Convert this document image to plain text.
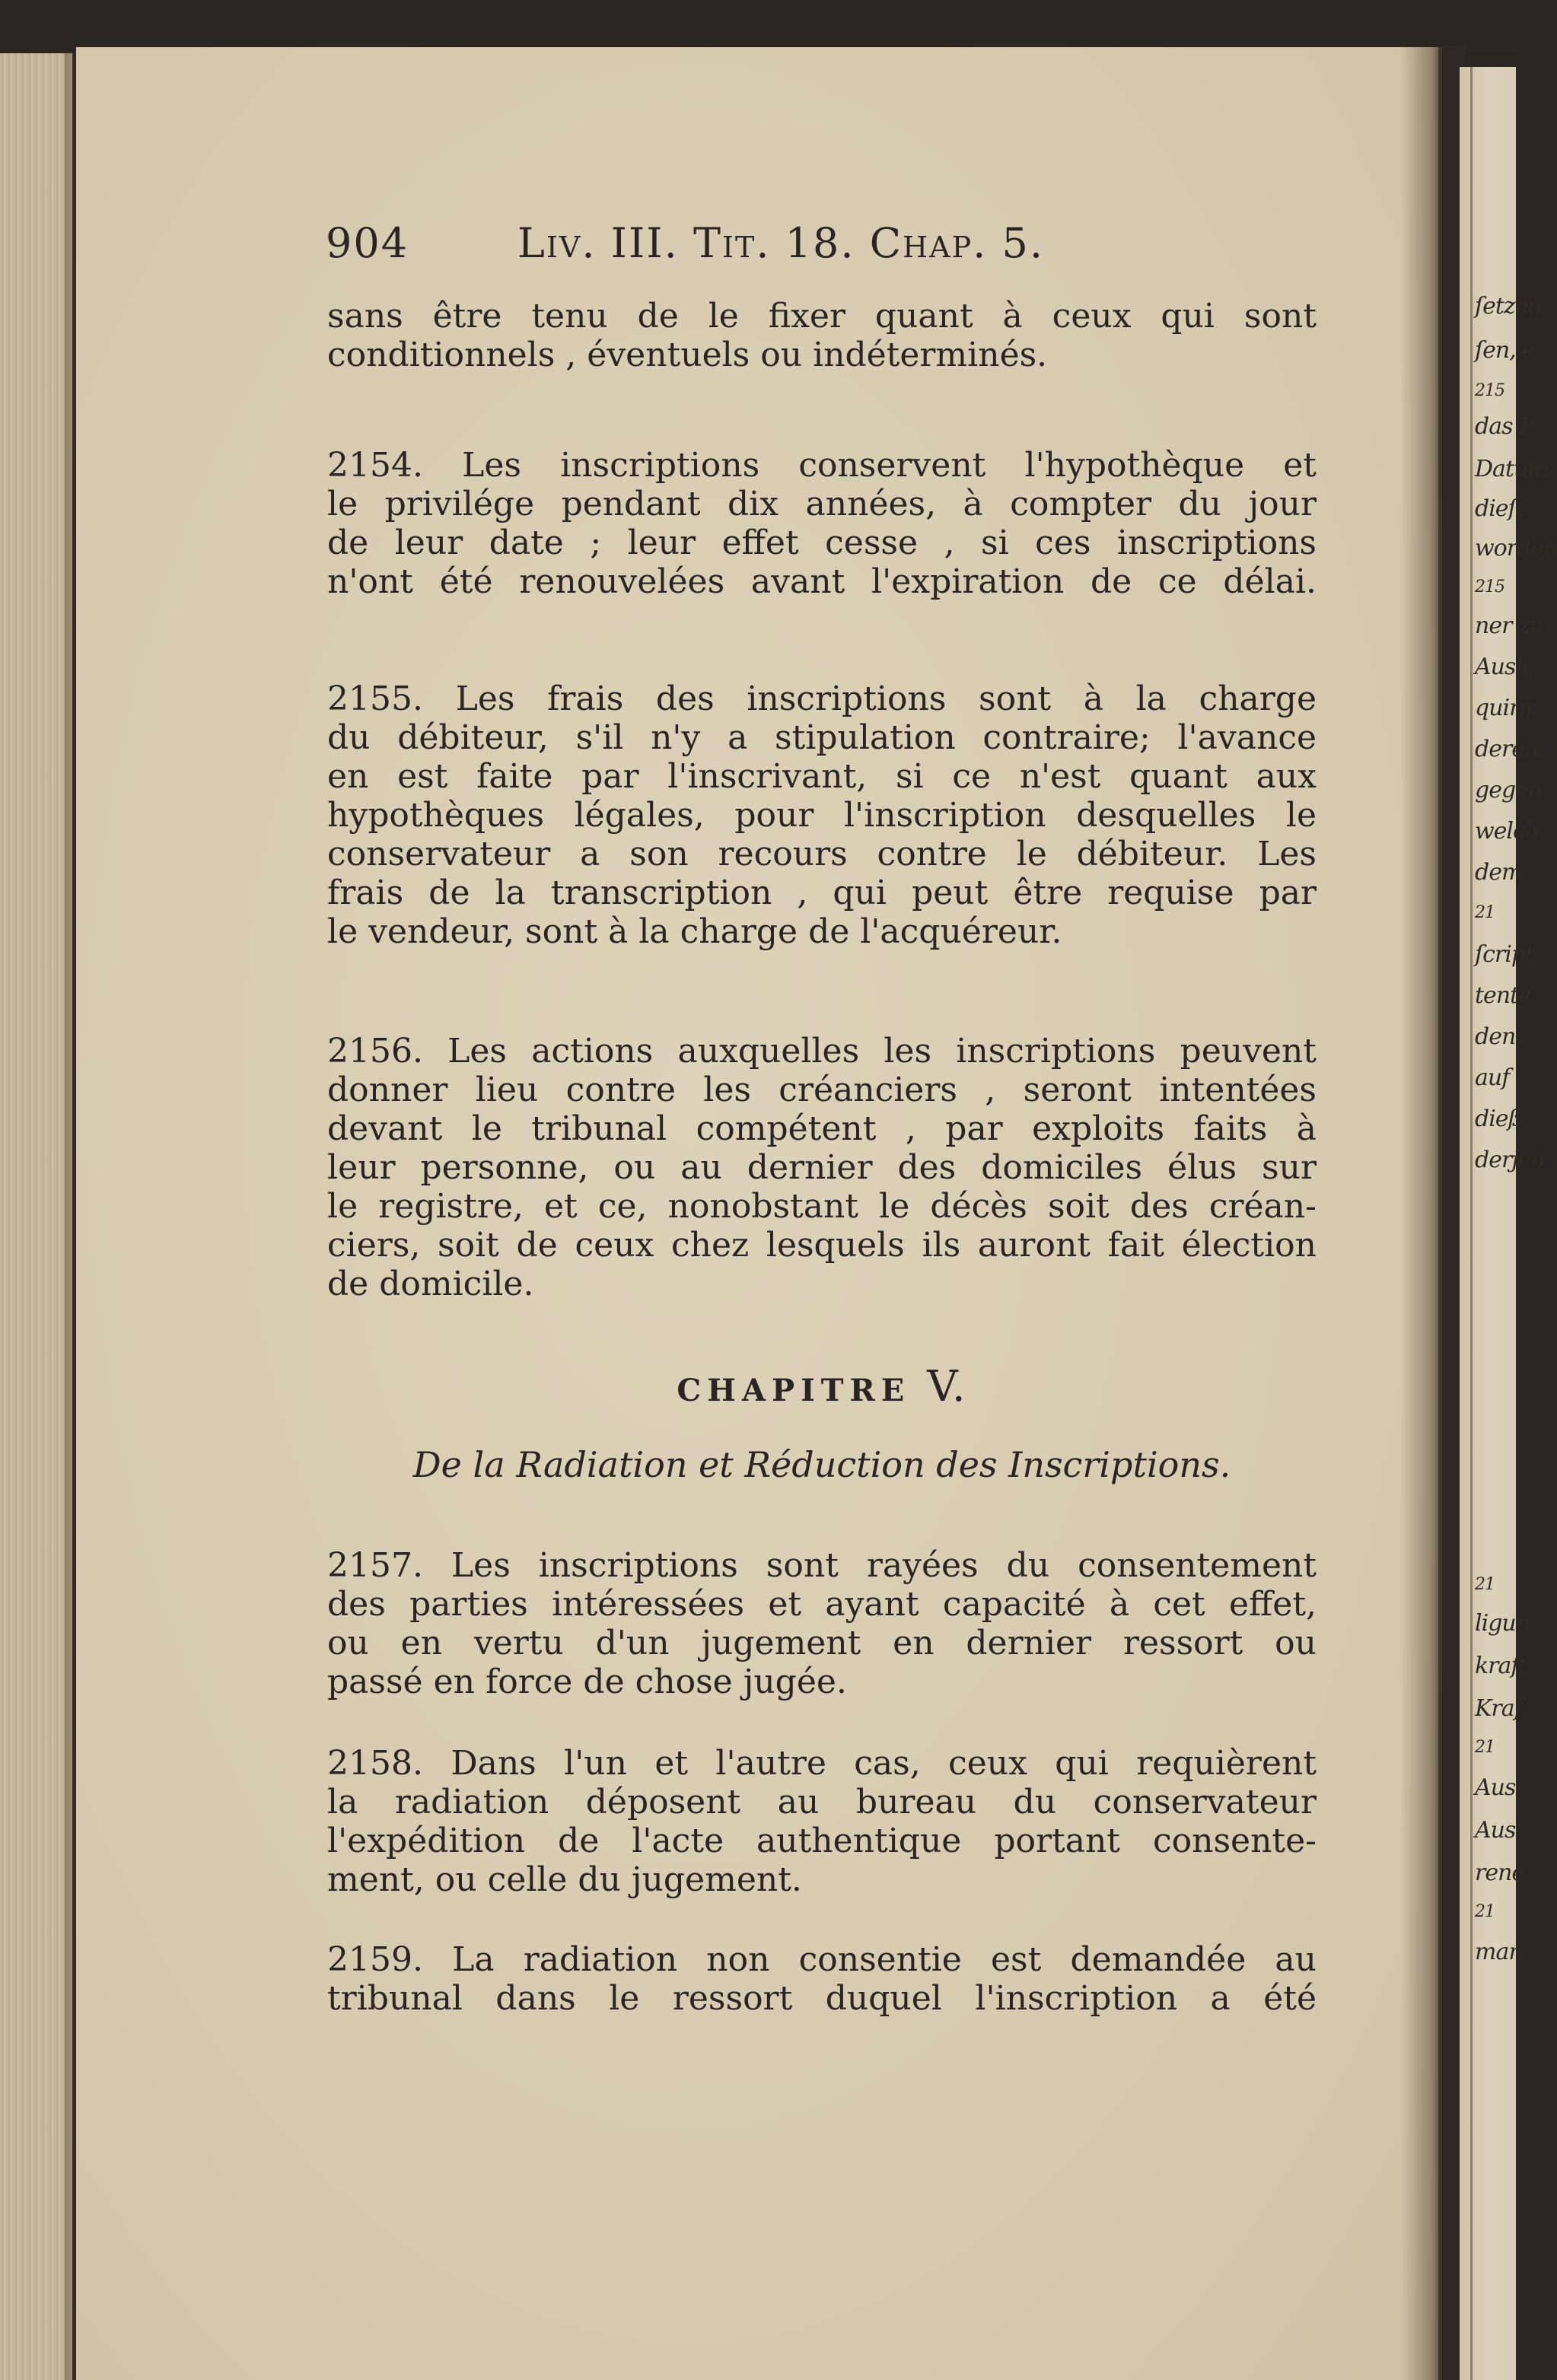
ſetzen
ſen, e
215
das P
Datum
dieſe
worden
215
ner zu
Ausla
quirir
deren
gegen
welch
dem
21
ſcript
tente
den,
auf
dieß
derjen
21
ligun
kraft
Kraf
21
Aus
Aus
rene
21
man
904	Liv. III. Tit. 18. Chap. 5.
sans être tenu de le fixer quant à ceux qui sont
conditionnels , éventuels ou indéterminés.
2154. Les inscriptions conservent l'hypothèque et
le privilége pendant dix années, à compter du jour
de leur date ; leur effet cesse , si ces inscriptions
n'ont été renouvelées avant l'expiration de ce délai.
2155. Les frais des inscriptions sont à la charge
du débiteur, s'il n'y a stipulation contraire; l'avance
en est faite par l'inscrivant, si ce n'est quant aux
hypothèques légales, pour l'inscription desquelles le
conservateur a son recours contre le débiteur. Les
frais de la transcription , qui peut être requise par
le vendeur, sont à la charge de l'acquéreur.
2156. Les actions auxquelles les inscriptions peuvent
donner lieu contre les créanciers , seront intentées
devant le tribunal compétent , par exploits faits à
leur personne, ou au dernier des domiciles élus sur
le registre, et ce, nonobstant le décès soit des créan-
ciers, soit de ceux chez lesquels ils auront fait élection
de domicile.
CHAPITRE V.
De la Radiation et Réduction des Inscriptions.
2157. Les inscriptions sont rayées du consentement
des parties intéressées et ayant capacité à cet effet,
ou en vertu d'un jugement en dernier ressort ou
passé en force de chose jugée.
2158. Dans l'un et l'autre cas, ceux qui requièrent
la radiation déposent au bureau du conservateur
l'expédition de l'acte authentique portant consente-
ment, ou celle du jugement.
2159. La radiation non consentie est demandée au
tribunal dans le ressort duquel l'inscription a été
